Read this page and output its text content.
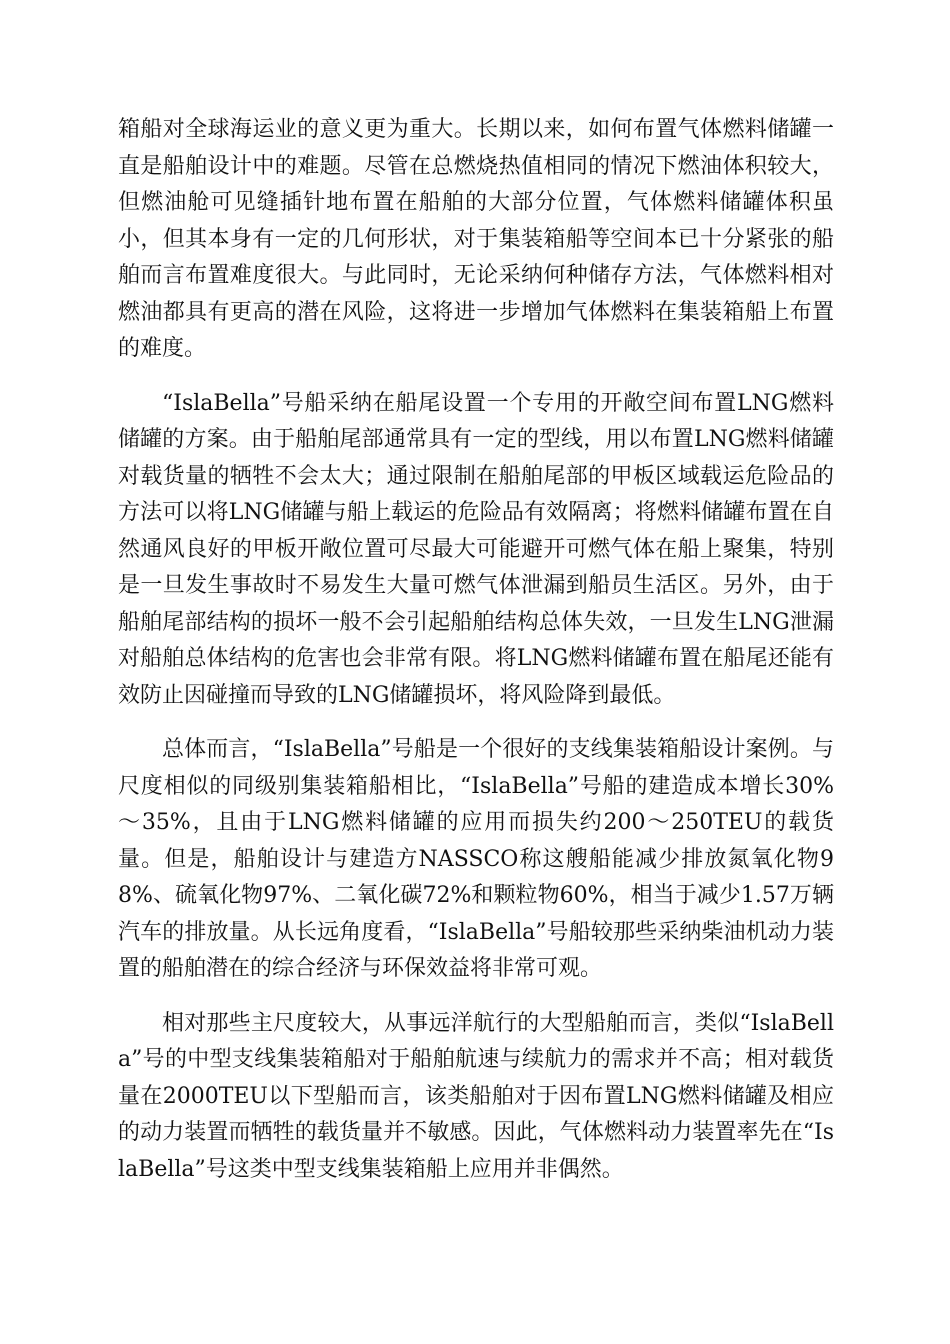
箱船对全球海运业的意义更为重大。长期以来，如何布置气体燃料储罐一直是船舶设计中的难题。尽管在总燃烧热值相同的情况下燃油体积较大，但燃油舱可见缝插针地布置在船舶的大部分位置，气体燃料储罐体积虽小，但其本身有一定的几何形状，对于集装箱船等空间本已十分紧张的船舶而言布置难度很大。与此同时，无论采纳何种储存方法，气体燃料相对燃油都具有更高的潜在风险，这将进一步增加气体燃料在集装箱船上布置的难度。

“IslaBella”号船采纳在船尾设置一个专用的开敞空间布置LNG燃料储罐的方案。由于船舶尾部通常具有一定的型线，用以布置LNG燃料储罐对载货量的牺牲不会太大；通过限制在船舶尾部的甲板区域载运危险品的方法可以将LNG储罐与船上载运的危险品有效隔离；将燃料储罐布置在自然通风良好的甲板开敞位置可尽最大可能避开可燃气体在船上聚集，特别是一旦发生事故时不易发生大量可燃气体泄漏到船员生活区。另外，由于船舶尾部结构的损坏一般不会引起船舶结构总体失效，一旦发生LNG泄漏对船舶总体结构的危害也会非常有限。将LNG燃料储罐布置在船尾还能有效防止因碰撞而导致的LNG储罐损坏，将风险降到最低。

总体而言，“IslaBella”号船是一个很好的支线集装箱船设计案例。与尺度相似的同级别集装箱船相比，“IslaBella”号船的建造成本增长30%～35%，且由于LNG燃料储罐的应用而损失约200～250TEU的载货量。但是，船舶设计与建造方NASSCO称这艘船能减少排放氮氧化物98%、硫氧化物97%、二氧化碳72%和颗粒物60%，相当于减少1.57万辆汽车的排放量。从长远角度看，“IslaBella”号船较那些采纳柴油机动力装置的船舶潜在的综合经济与环保效益将非常可观。

相对那些主尺度较大，从事远洋航行的大型船舶而言，类似“IslaBella”号的中型支线集装箱船对于船舶航速与续航力的需求并不高；相对载货量在2000TEU以下型船而言，该类船舶对于因布置LNG燃料储罐及相应的动力装置而牺牲的载货量并不敏感。因此，气体燃料动力装置率先在“IslaBella”号这类中型支线集装箱船上应用并非偶然。
